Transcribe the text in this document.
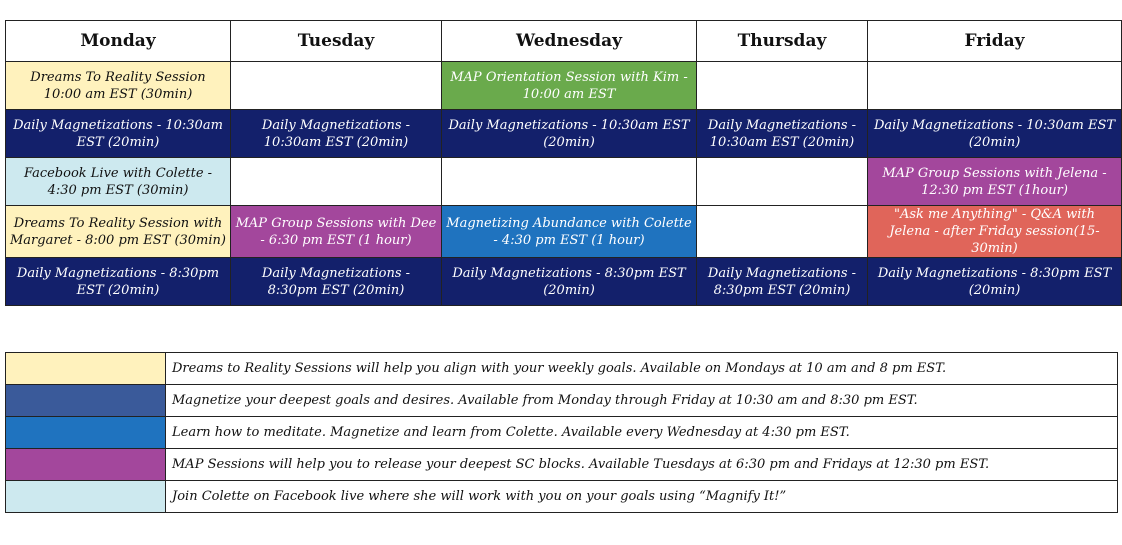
Monday	Tuesday	Wednesday	Thursday	Friday
Dreams To Reality Session 10:00 am EST (30min)		MAP Orientation Session with Kim - 10:00 am EST		
Daily Magnetizations - 10:30am EST (20min)	Daily Magnetizations - 10:30am EST (20min)	Daily Magnetizations - 10:30am EST (20min)	Daily Magnetizations - 10:30am EST (20min)	Daily Magnetizations - 10:30am EST (20min)
Facebook Live with Colette - 4:30 pm EST (30min)				MAP Group Sessions with Jelena - 12:30 pm EST (1hour)
Dreams To Reality Session with Margaret - 8:00 pm EST (30min)	MAP Group Sessions with Dee - 6:30 pm EST (1 hour)	Magnetizing Abundance with Colette - 4:30 pm EST (1 hour)		"Ask me Anything" - Q&A with Jelena - after Friday session(15-30min)
Daily Magnetizations - 8:30pm EST (20min)	Daily Magnetizations - 8:30pm EST (20min)	Daily Magnetizations - 8:30pm EST (20min)	Daily Magnetizations - 8:30pm EST (20min)	Daily Magnetizations - 8:30pm EST (20min)
	Dreams to Reality Sessions will help you align with your weekly goals. Available on Mondays at 10 am and 8 pm EST.
	Magnetize your deepest goals and desires. Available from Monday through Friday at 10:30 am and 8:30 pm EST.
	Learn how to meditate. Magnetize and learn from Colette. Available every Wednesday at 4:30 pm EST.
	MAP Sessions will help you to release your deepest SC blocks. Available Tuesdays at 6:30 pm and Fridays at 12:30 pm EST.
	Join Colette on Facebook live where she will work with you on your goals using “Magnify It!”
